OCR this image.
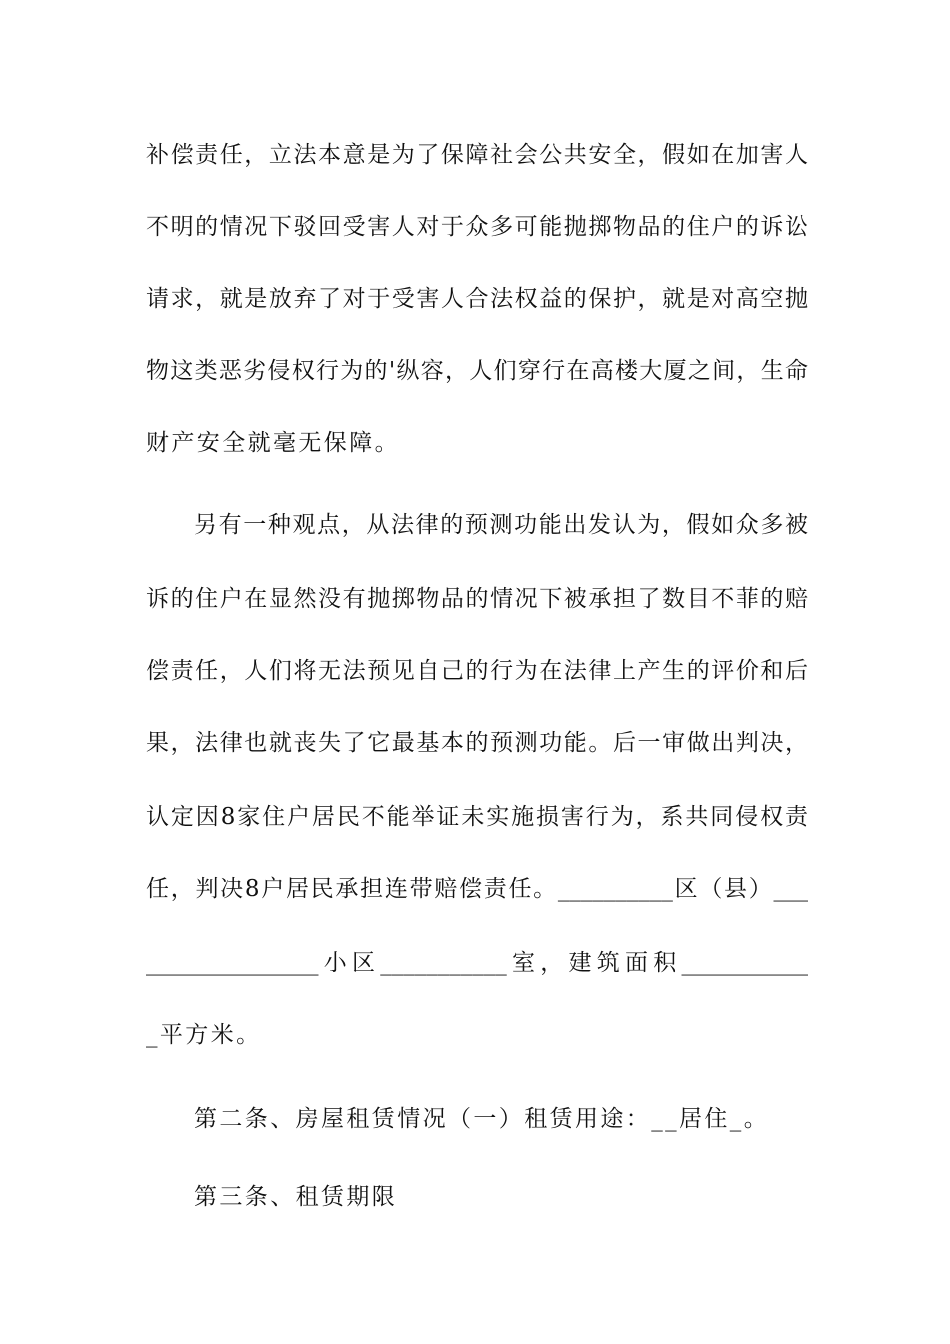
补偿责任，立法本意是为了保障社会公共安全，假如在加害人
不明的情况下驳回受害人对于众多可能抛掷物品的住户的诉讼
请求，就是放弃了对于受害人合法权益的保护，就是对高空抛
物这类恶劣侵权行为的'纵容，人们穿行在高楼大厦之间，生命
财产安全就毫无保障。
另有一种观点，从法律的预测功能出发认为，假如众多被
诉的住户在显然没有抛掷物品的情况下被承担了数目不菲的赔
偿责任，人们将无法预见自己的行为在法律上产生的评价和后
果，法律也就丧失了它最基本的预测功能。后一审做出判决，
认定因8家住户居民不能举证未实施损害行为，系共同侵权责
任，判决8户居民承担连带赔偿责任。__________区（县）___
_______________小区___________室，建筑面积___________
_平方米。
第二条、房屋租赁情况（一）租赁用途：__居住_。
第三条、租赁期限
